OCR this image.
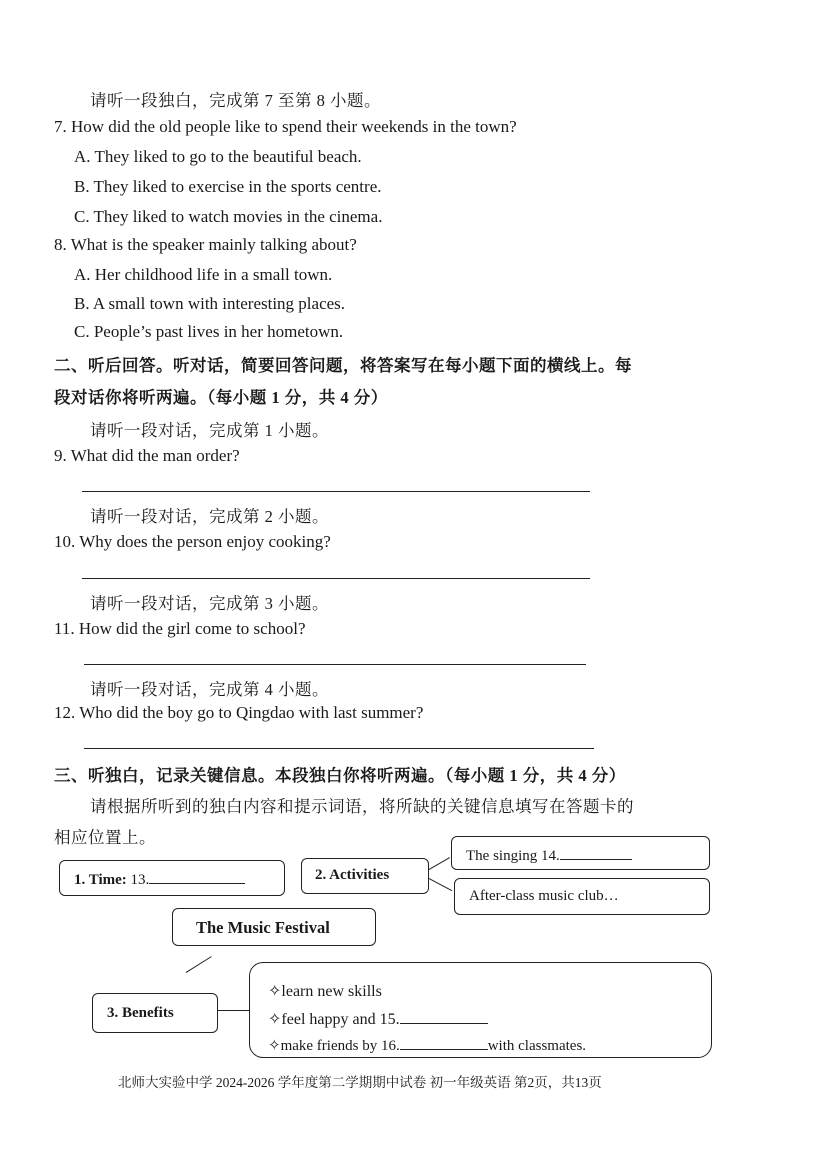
请听一段独白，完成第 7 至第 8 小题。
7. How did the old people like to spend their weekends in the town?
A. They liked to go to the beautiful beach.
B. They liked to exercise in the sports centre.
C. They liked to watch movies in the cinema.
8. What is the speaker mainly talking about?
A. Her childhood life in a small town.
B. A small town with interesting places.
C. People’s past lives in her hometown.
二、听后回答。听对话，简要回答问题，将答案写在每小题下面的横线上。每
段对话你将听两遍。（每小题 1 分，共 4 分）
请听一段对话，完成第 1 小题。
9. What did the man order?
请听一段对话，完成第 2 小题。
10. Why does the person enjoy cooking?
请听一段对话，完成第 3 小题。
11. How did the girl come to school?
请听一段对话，完成第 4 小题。
12. Who did the boy go to Qingdao with last summer?
三、听独白，记录关键信息。本段独白你将听两遍。（每小题 1 分，共 4 分）
请根据所听到的独白内容和提示词语，将所缺的关键信息填写在答题卡的
相应位置上。
1. Time: 13.	2. Activities
The singing 14.
After-class music club…
The Music Festival
3. Benefits
✧learn new skills
✧feel happy and 15.
✧make friends by 16.	with classmates.
北师大实验中学 2024-2026 学年度第二学期期中试卷 初一年级英语 第2页，共13页
